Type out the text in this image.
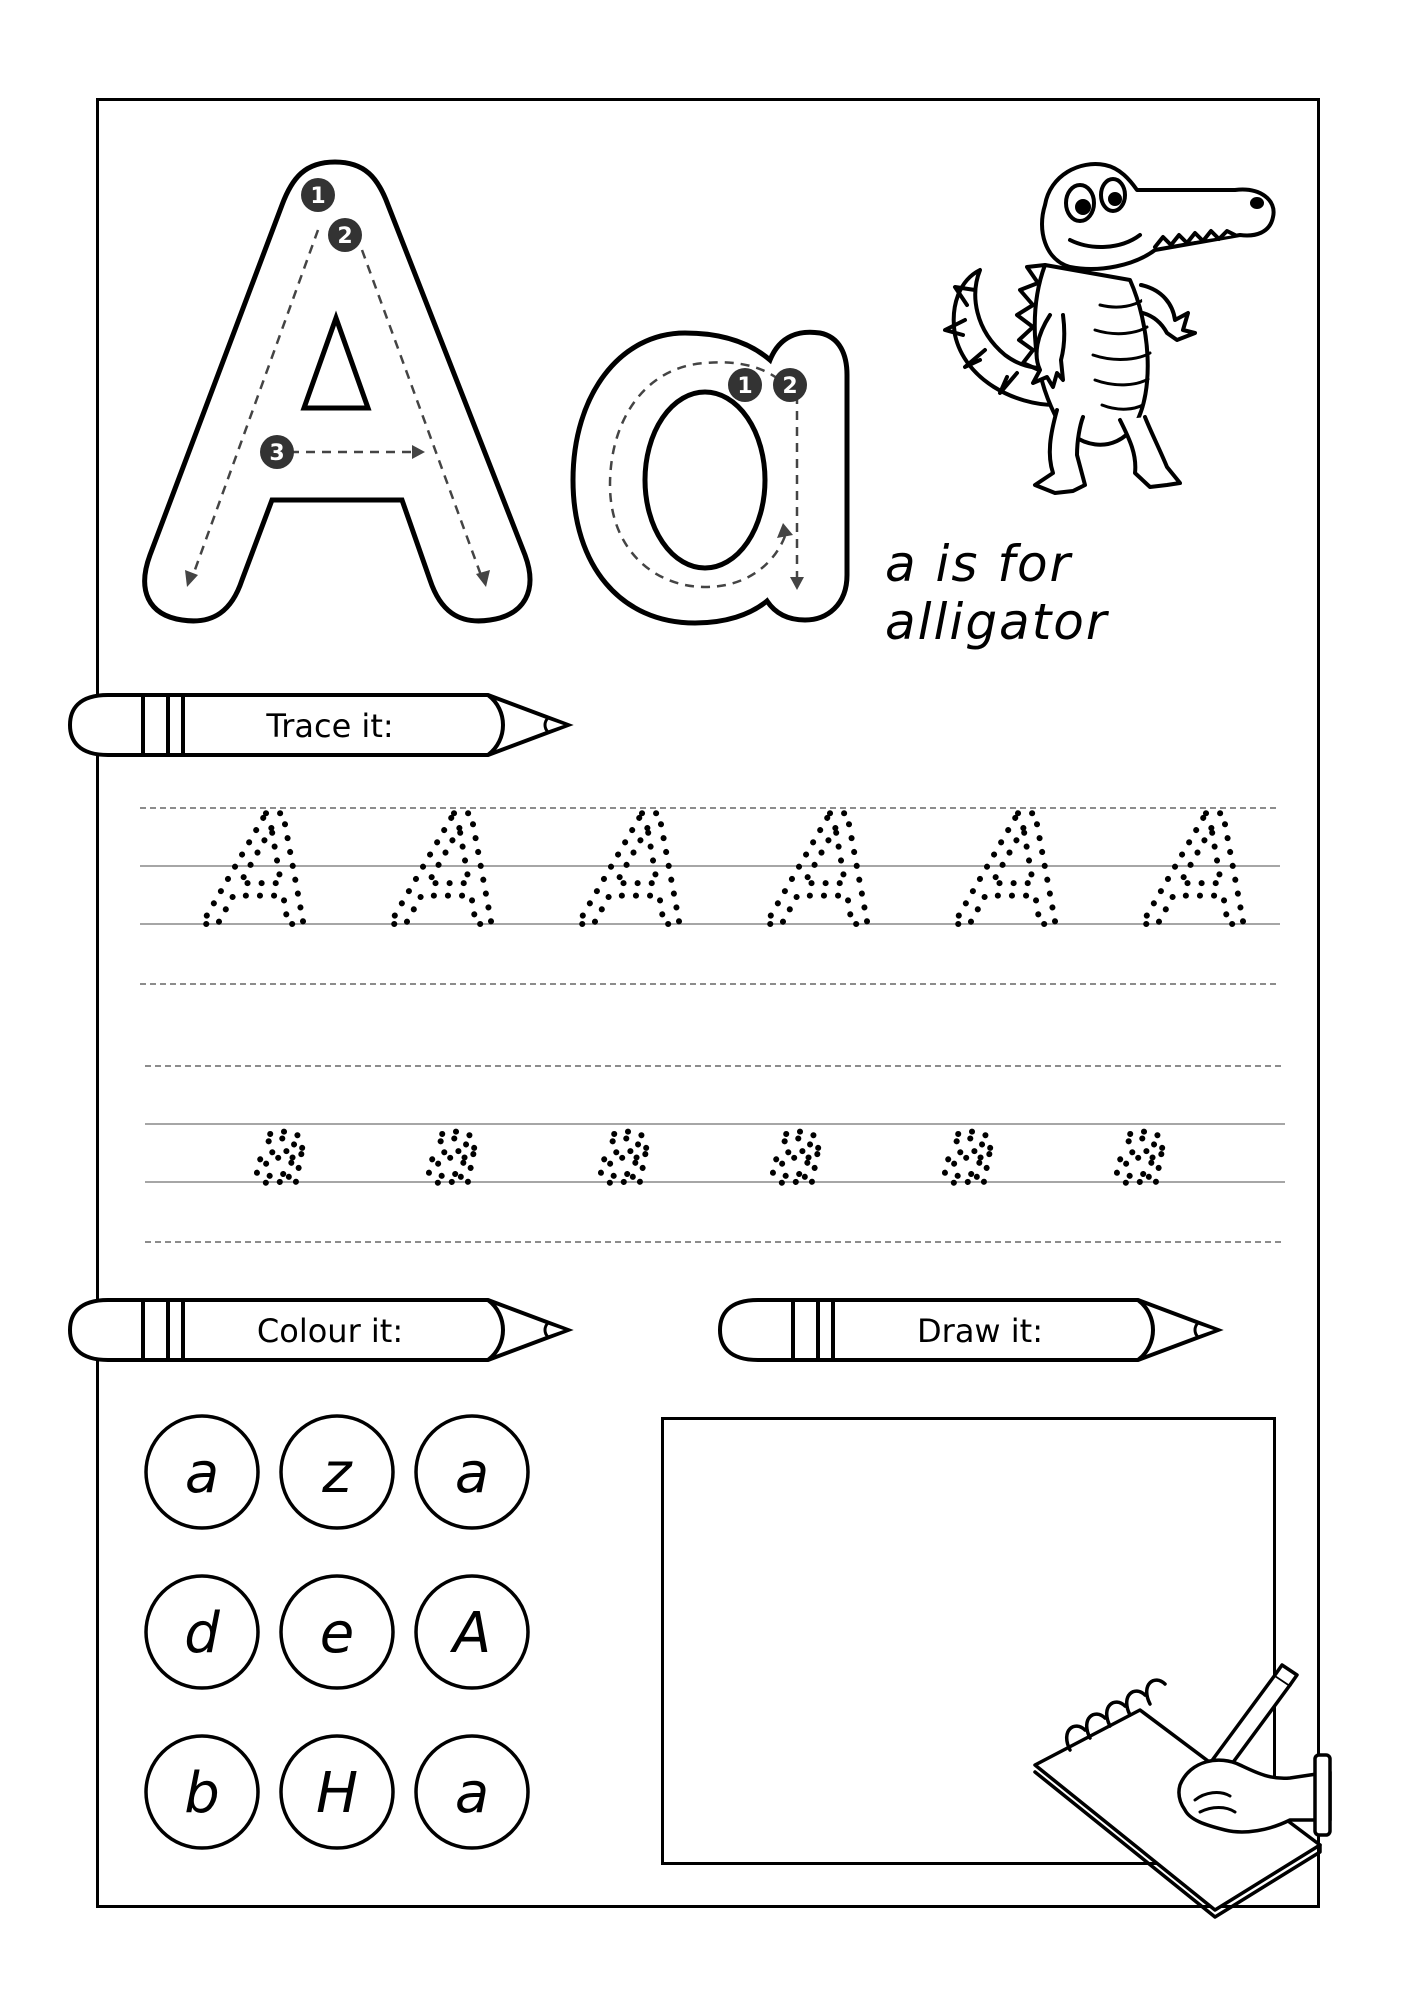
1
2
3
1 2
a is for alligator
Trace it:
A A A A A A
a a a a a a
Colour it:	Draw it:
a z a
d e A
b H a
